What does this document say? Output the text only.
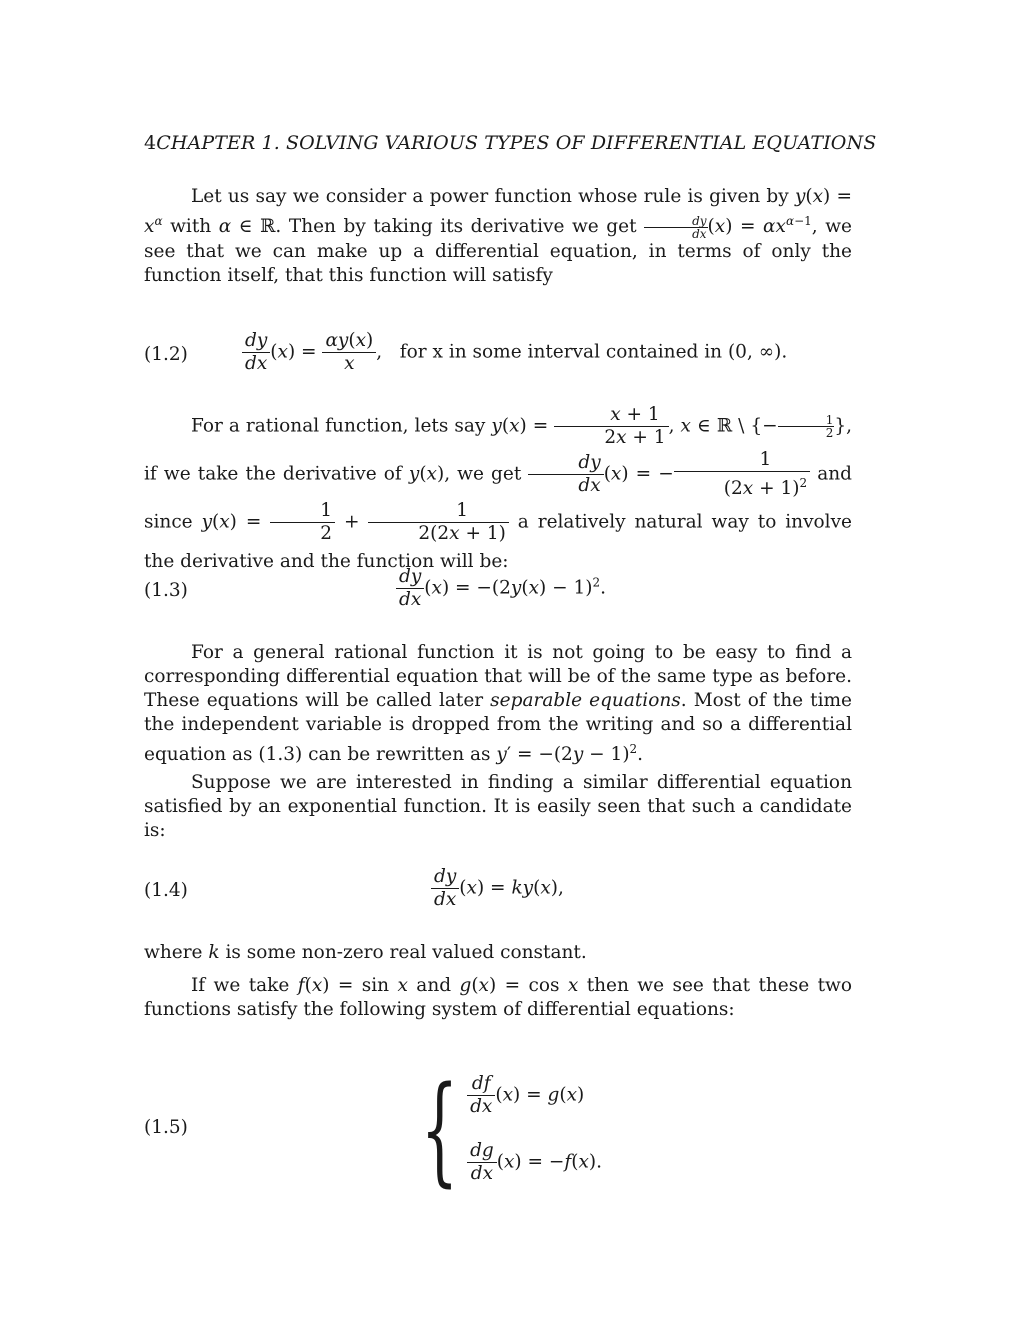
4CHAPTER 1. SOLVING VARIOUS TYPES OF DIFFERENTIAL EQUATIONS
Let us say we consider a power function whose rule is given by $y(x) = x^\alpha$ with α ∈ ℝ. Then by taking its derivative we get $\frac{dy}{dx} (x) = \alpha x^{\alpha-1}$, we see that we can make up a differential equation, in terms of only the function itself, that this function will satisfy
(1.2)	$\frac{dy}{dx} (x) = \frac{\alpha y(x)}{x}$ ,   for x in some interval contained in (0, ∞).
For a rational function, lets say $y(x) = \frac{x + 1}{2x + 1}$ , x ∈ ℝ \ {− $\frac{1}{2}$ }, if we take the derivative of y(x), we get $\frac{dy}{dx} (x)$ = − $\frac{1}{(2x + 1)^2}$ and since $y(x) = \frac{1}{2} + \frac{1}{2(2x + 1)}$ a relatively natural way to involve the derivative and the function will be:
(1.3)	$\frac{dy}{dx} (x) = -(2y(x) - 1)^2$.
For a general rational function it is not going to be easy to find a corresponding differential equation that will be of the same type as before. These equations will be called later separable equations. Most of the time the independent variable is dropped from the writing and so a differential equation as (1.3) can be rewritten as $y' = -(2y - 1)^2$.
Suppose we are interested in finding a similar differential equation satisfied by an exponential function. It is easily seen that such a candidate is:
(1.4)	$\frac{dy}{dx} (x) = ky(x)$,
where k is some non-zero real valued constant.
If we take f(x) = sin x and g(x) = cos x then we see that these two functions satisfy the following system of differential equations:
(1.5) { $\frac{df}{dx} (x) = g(x)$
$\frac{dg}{dx} (x) = -f(x)$.
